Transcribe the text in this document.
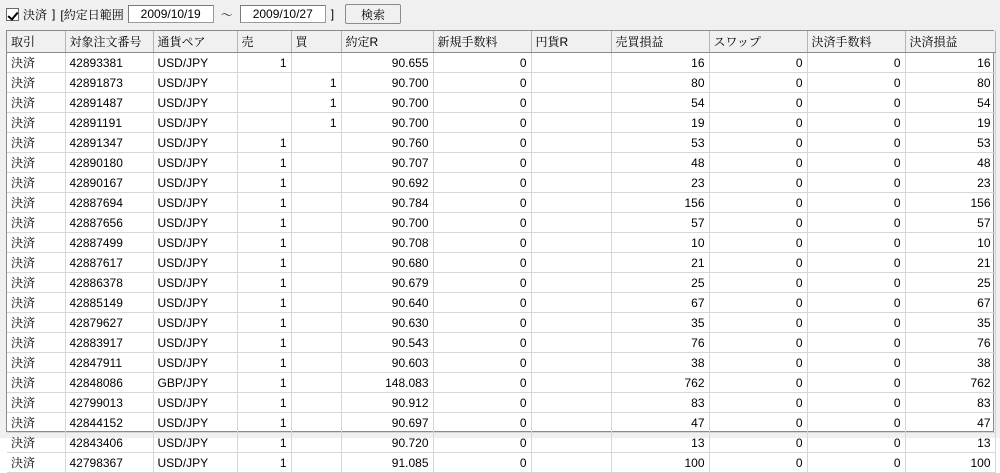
決済 ] [約定日範囲
2009/10/19	～
2009/10/27	]	検索
取引	対象注文番号	通貨ペア	売	買	約定R	新規手数料	円貨R	売買損益	スワップ	決済手数料	決済損益
決済	42893381	USD/JPY	1		90.655	0		16	0	0	16
決済	42891873	USD/JPY		1	90.700	0		80	0	0	80
決済	42891487	USD/JPY		1	90.700	0		54	0	0	54
決済	42891191	USD/JPY		1	90.700	0		19	0	0	19
決済	42891347	USD/JPY	1		90.760	0		53	0	0	53
決済	42890180	USD/JPY	1		90.707	0		48	0	0	48
決済	42890167	USD/JPY	1		90.692	0		23	0	0	23
決済	42887694	USD/JPY	1		90.784	0		156	0	0	156
決済	42887656	USD/JPY	1		90.700	0		57	0	0	57
決済	42887499	USD/JPY	1		90.708	0		10	0	0	10
決済	42887617	USD/JPY	1		90.680	0		21	0	0	21
決済	42886378	USD/JPY	1		90.679	0		25	0	0	25
決済	42885149	USD/JPY	1		90.640	0		67	0	0	67
決済	42879627	USD/JPY	1		90.630	0		35	0	0	35
決済	42883917	USD/JPY	1		90.543	0		76	0	0	76
決済	42847911	USD/JPY	1		90.603	0		38	0	0	38
決済	42848086	GBP/JPY	1		148.083	0		762	0	0	762
決済	42799013	USD/JPY	1		90.912	0		83	0	0	83
決済	42844152	USD/JPY	1		90.697	0		47	0	0	47
決済	42843406	USD/JPY	1		90.720	0		13	0	0	13
決済	42798367	USD/JPY	1		91.085	0		100	0	0	100
